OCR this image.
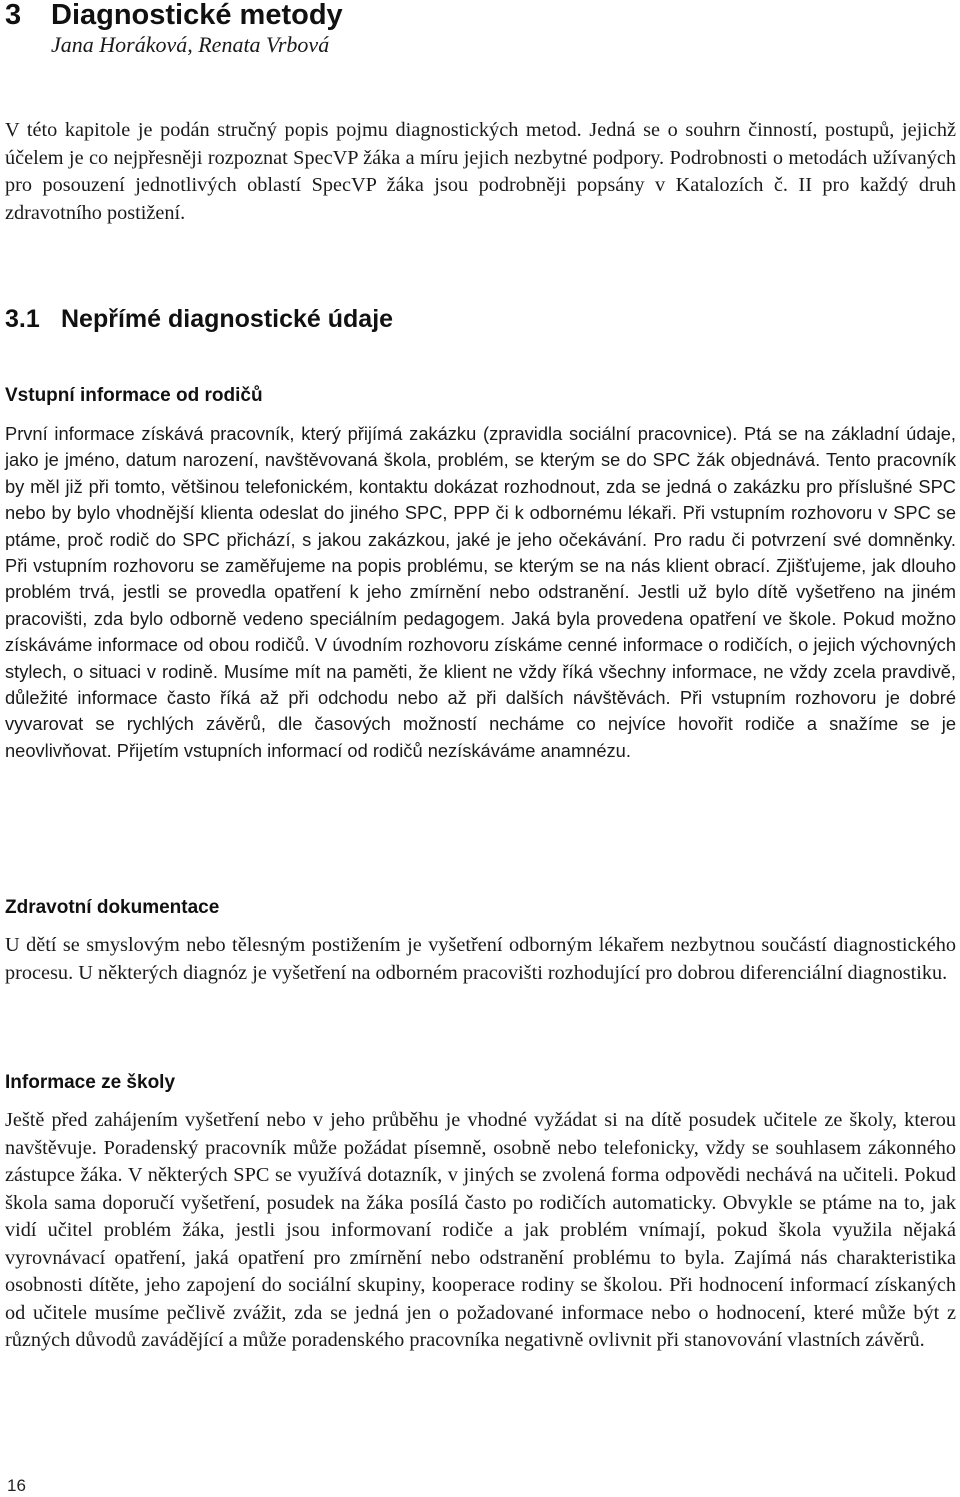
3 Diagnostické metody

Jana Horáková, Renata Vrbová

V této kapitole je podán stručný popis pojmu diagnostických metod. Jedná se o souhrn činností, postupů, jejichž účelem je co nejpřesněji rozpoznat SpecVP žáka a míru jejich nezbytné podpory. Podrobnosti o metodách užívaných pro posouzení jednotlivých oblastí SpecVP žáka jsou podrobněji popsány v Katalozích č. II pro každý druh zdravotního postižení.

3.1 Nepřímé diagnostické údaje
Vstupní informace od rodičů

První informace získává pracovník, který přijímá zakázku (zpravidla sociální pracovnice). Ptá se na základní údaje, jako je jméno, datum narození, navštěvovaná škola, problém, se kterým se do SPC žák objednává. Tento pracovník by měl již při tomto, většinou telefonickém, kontaktu dokázat rozhodnout, zda se jedná o zakázku pro příslušné SPC nebo by bylo vhodnější klienta odeslat do jiného SPC, PPP či k odbornému lékaři. Při vstupním rozhovoru v SPC se ptáme, proč rodič do SPC přichází, s jakou zakázkou, jaké je jeho očekávání. Pro radu či potvrzení své domněnky. Při vstupním rozhovoru se zaměřujeme na popis problému, se kterým se na nás klient obrací. Zjišťujeme, jak dlouho problém trvá, jestli se provedla opatření k jeho zmírnění nebo odstranění. Jestli už bylo dítě vyšetřeno na jiném pracovišti, zda bylo odborně vedeno speciálním pedagogem. Jaká byla provedena opatření ve škole. Pokud možno získáváme informace od obou rodičů. V úvodním rozhovoru získáme cenné informace o rodičích, o jejich výchovných stylech, o situaci v rodině. Musíme mít na paměti, že klient ne vždy říká všechny informace, ne vždy zcela pravdivě, důležité informace často říká až při odchodu nebo až při dalších návštěvách. Při vstupním rozhovoru je dobré vyvarovat se rychlých závěrů, dle časových možností necháme co nejvíce hovořit rodiče a snažíme se je neovlivňovat. Přijetím vstupních informací od rodičů nezískáváme anamnézu.

Zdravotní dokumentace

U dětí se smyslovým nebo tělesným postižením je vyšetření odborným lékařem nezbytnou součástí diagnostického procesu. U některých diagnóz je vyšetření na odborném pracovišti rozhodující pro dobrou diferenciální diagnostiku.

Informace ze školy

Ještě před zahájením vyšetření nebo v jeho průběhu je vhodné vyžádat si na dítě posudek učitele ze školy, kterou navštěvuje. Poradenský pracovník může požádat písemně, osobně nebo telefonicky, vždy se souhlasem zákonného zástupce žáka. V některých SPC se využívá dotazník, v jiných se zvolená forma odpovědi nechává na učiteli. Pokud škola sama doporučí vyšetření, posudek na žáka posílá často po rodičích automaticky. Obvykle se ptáme na to, jak vidí učitel problém žáka, jestli jsou informovaní rodiče a jak problém vnímají, pokud škola využila nějaká vyrovnávací opatření, jaká opatření pro zmírnění nebo odstranění problému to byla. Zajímá nás charakteristika osobnosti dítěte, jeho zapojení do sociální skupiny, kooperace rodiny se školou. Při hodnocení informací získaných od učitele musíme pečlivě zvážit, zda se jedná jen o požadované informace nebo o hodnocení, které může být z různých důvodů zavádějící a může poradenského pracovníka negativně ovlivnit při stanovování vlastních závěrů.

16
